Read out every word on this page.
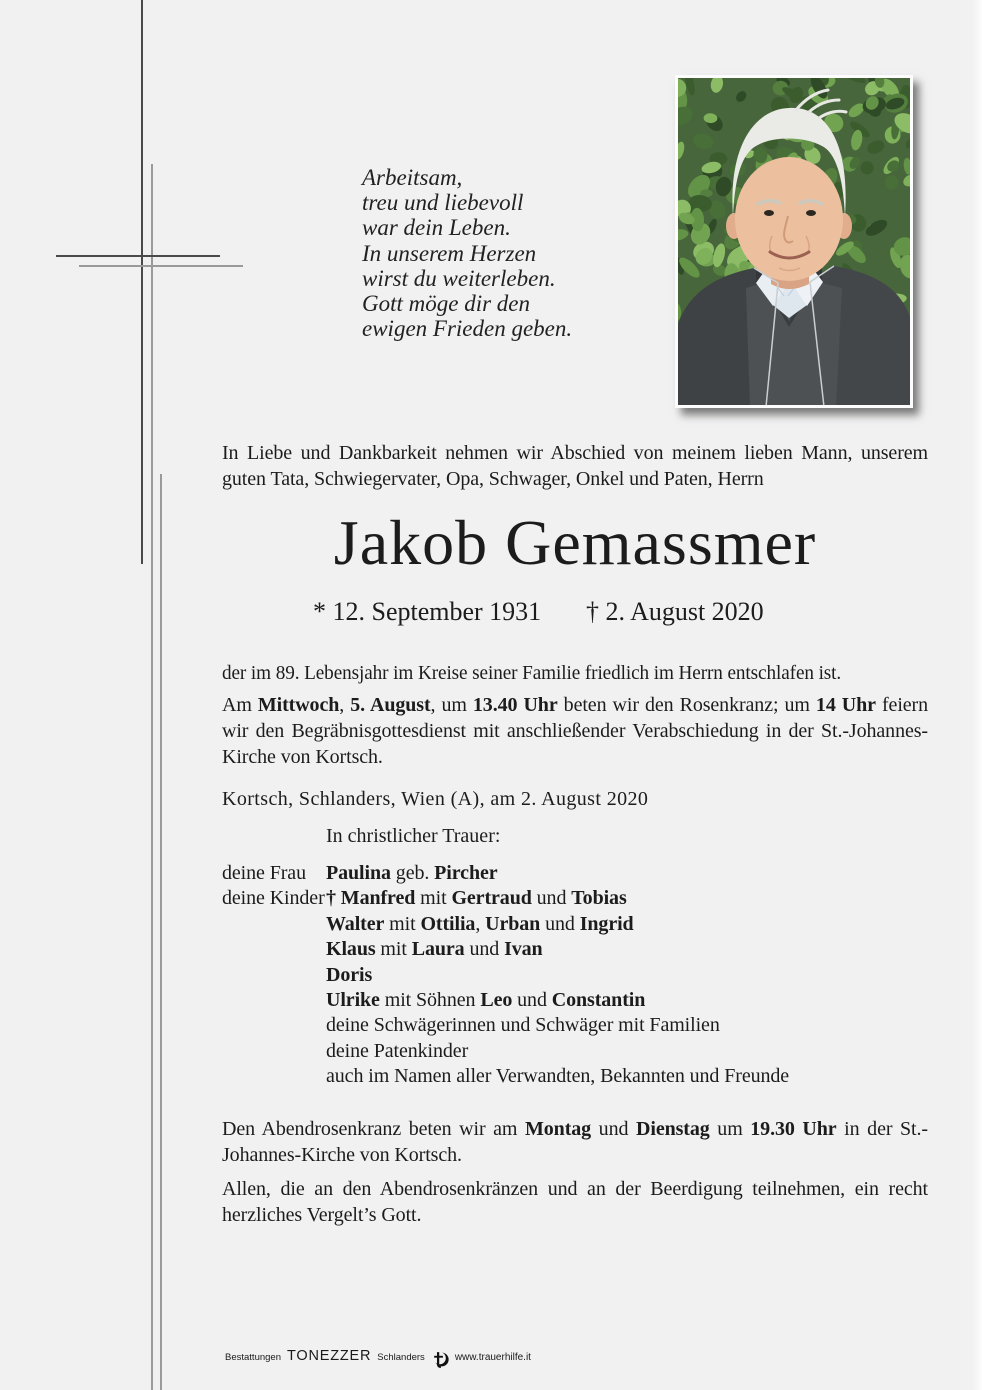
Arbeitsam,
treu und liebevoll
war dein Leben.
In unserem Herzen
wirst du weiterleben.
Gott möge dir den
ewigen Frieden geben.
In Liebe und Dankbarkeit nehmen wir Abschied von meinem lieben Mann, unserem guten Tata, Schwiegervater, Opa, Schwager, Onkel und Paten, Herrn
Jakob Gemassmer
* 12. September 1931 † 2. August 2020
der im 89. Lebensjahr im Kreise seiner Familie friedlich im Herrn entschlafen ist.
Am Mittwoch, 5. August, um 13.40 Uhr beten wir den Rosenkranz; um 14 Uhr feiern wir den Begräbnisgottesdienst mit anschließender Verabschiedung in der St.-Johannes-Kirche von Kortsch.
Kortsch, Schlanders, Wien (A), am 2. August 2020
In christlicher Trauer:
deine Frau	Paulina geb. Pircher
deine Kinder † Manfred mit Gertraud und Tobias
Walter mit Ottilia, Urban und Ingrid
Klaus mit Laura und Ivan
Doris
Ulrike mit Söhnen Leo und Constantin
deine Schwägerinnen und Schwäger mit Familien
deine Patenkinder
auch im Namen aller Verwandten, Bekannten und Freunde
Den Abendrosenkranz beten wir am Montag und Dienstag um 19.30 Uhr in der St.-Johannes-Kirche von Kortsch.
Allen, die an den Abendrosenkränzen und an der Beerdigung teilnehmen, ein recht herzliches Vergelt’s Gott.
Bestattungen TONEZZER Schlanders	www.trauerhilfe.it
